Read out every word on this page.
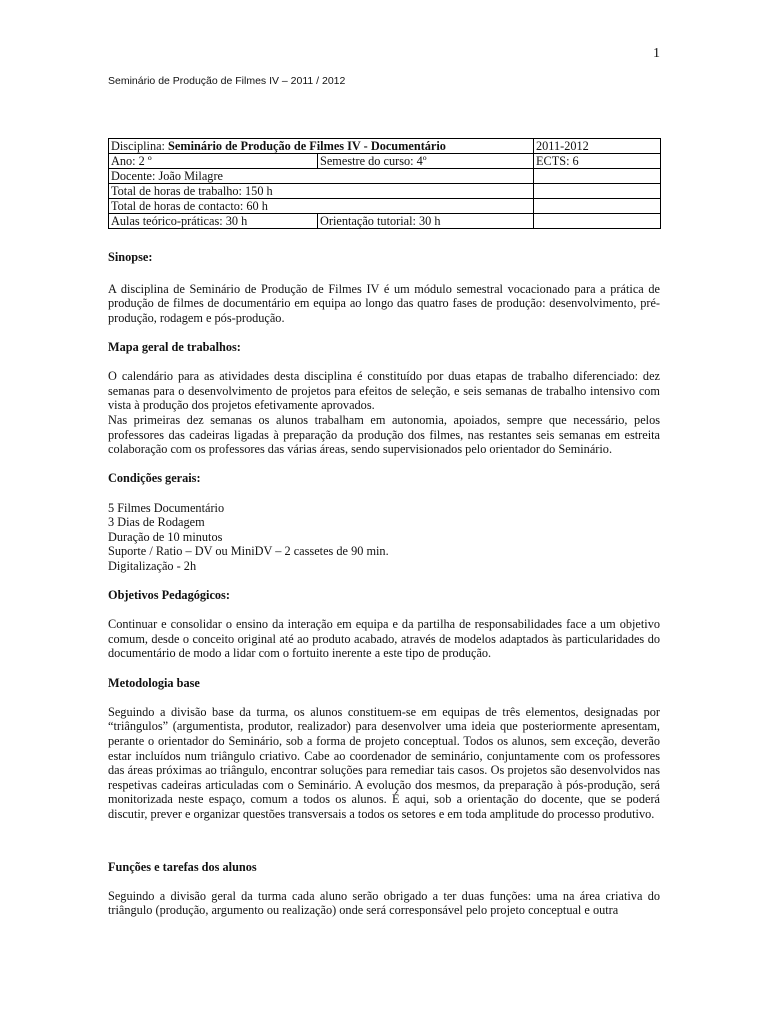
1
Seminário de Produção de Filmes IV – 2011 / 2012
Disciplina: Seminário de Produção de Filmes IV - Documentário		2011-2012
Ano: 2 º	Semestre do curso: 4º	ECTS: 6
Docente: João Milagre		
Total de horas de trabalho: 150 h		
Total de horas de contacto: 60 h		
Aulas teórico-práticas: 30 h	Orientação tutorial: 30 h	
Sinopse:

A disciplina de Seminário de Produção de Filmes IV é um módulo semestral vocacionado para a prática de produção de filmes de documentário em equipa ao longo das quatro fases de produção: desenvolvimento, pré-produção, rodagem e pós-produção.

Mapa geral de trabalhos:

O calendário para as atividades desta disciplina é constituído por duas etapas de trabalho diferenciado: dez semanas para o desenvolvimento de projetos para efeitos de seleção, e seis semanas de trabalho intensivo com vista à produção dos projetos efetivamente aprovados.

Nas primeiras dez semanas os alunos trabalham em autonomia, apoiados, sempre que necessário, pelos professores das cadeiras ligadas à preparação da produção dos filmes, nas restantes seis semanas em estreita colaboração com os professores das várias áreas, sendo supervisionados pelo orientador do Seminário.

Condições gerais:

5 Filmes Documentário

3 Dias de Rodagem

Duração de 10 minutos

Suporte / Ratio – DV ou MiniDV – 2 cassetes de 90 min.

Digitalização - 2h

Objetivos Pedagógicos:

Continuar e consolidar o ensino da interação em equipa e da partilha de responsabilidades face a um objetivo comum, desde o conceito original até ao produto acabado, através de modelos adaptados às particularidades do documentário de modo a lidar com o fortuito inerente a este tipo de produção.

Metodologia base

Seguindo a divisão base da turma, os alunos constituem-se em equipas de três elementos, designadas por “triângulos” (argumentista, produtor, realizador) para desenvolver uma ideia que posteriormente apresentam, perante o orientador do Seminário, sob a forma de projeto conceptual. Todos os alunos, sem exceção, deverão estar incluídos num triângulo criativo. Cabe ao coordenador de seminário, conjuntamente com os professores das áreas próximas ao triângulo, encontrar soluções para remediar tais casos. Os projetos são desenvolvidos nas respetivas cadeiras articuladas com o Seminário. A evolução dos mesmos, da preparação à pós-produção, será monitorizada neste espaço, comum a todos os alunos. É aqui, sob a orientação do docente, que se poderá discutir, prever e organizar questões transversais a todos os setores e em toda amplitude do processo produtivo.

Funções e tarefas dos alunos

Seguindo a divisão geral da turma cada aluno serão obrigado a ter duas funções: uma na área criativa do triângulo (produção, argumento ou realização) onde será corresponsável pelo projeto conceptual e outra
